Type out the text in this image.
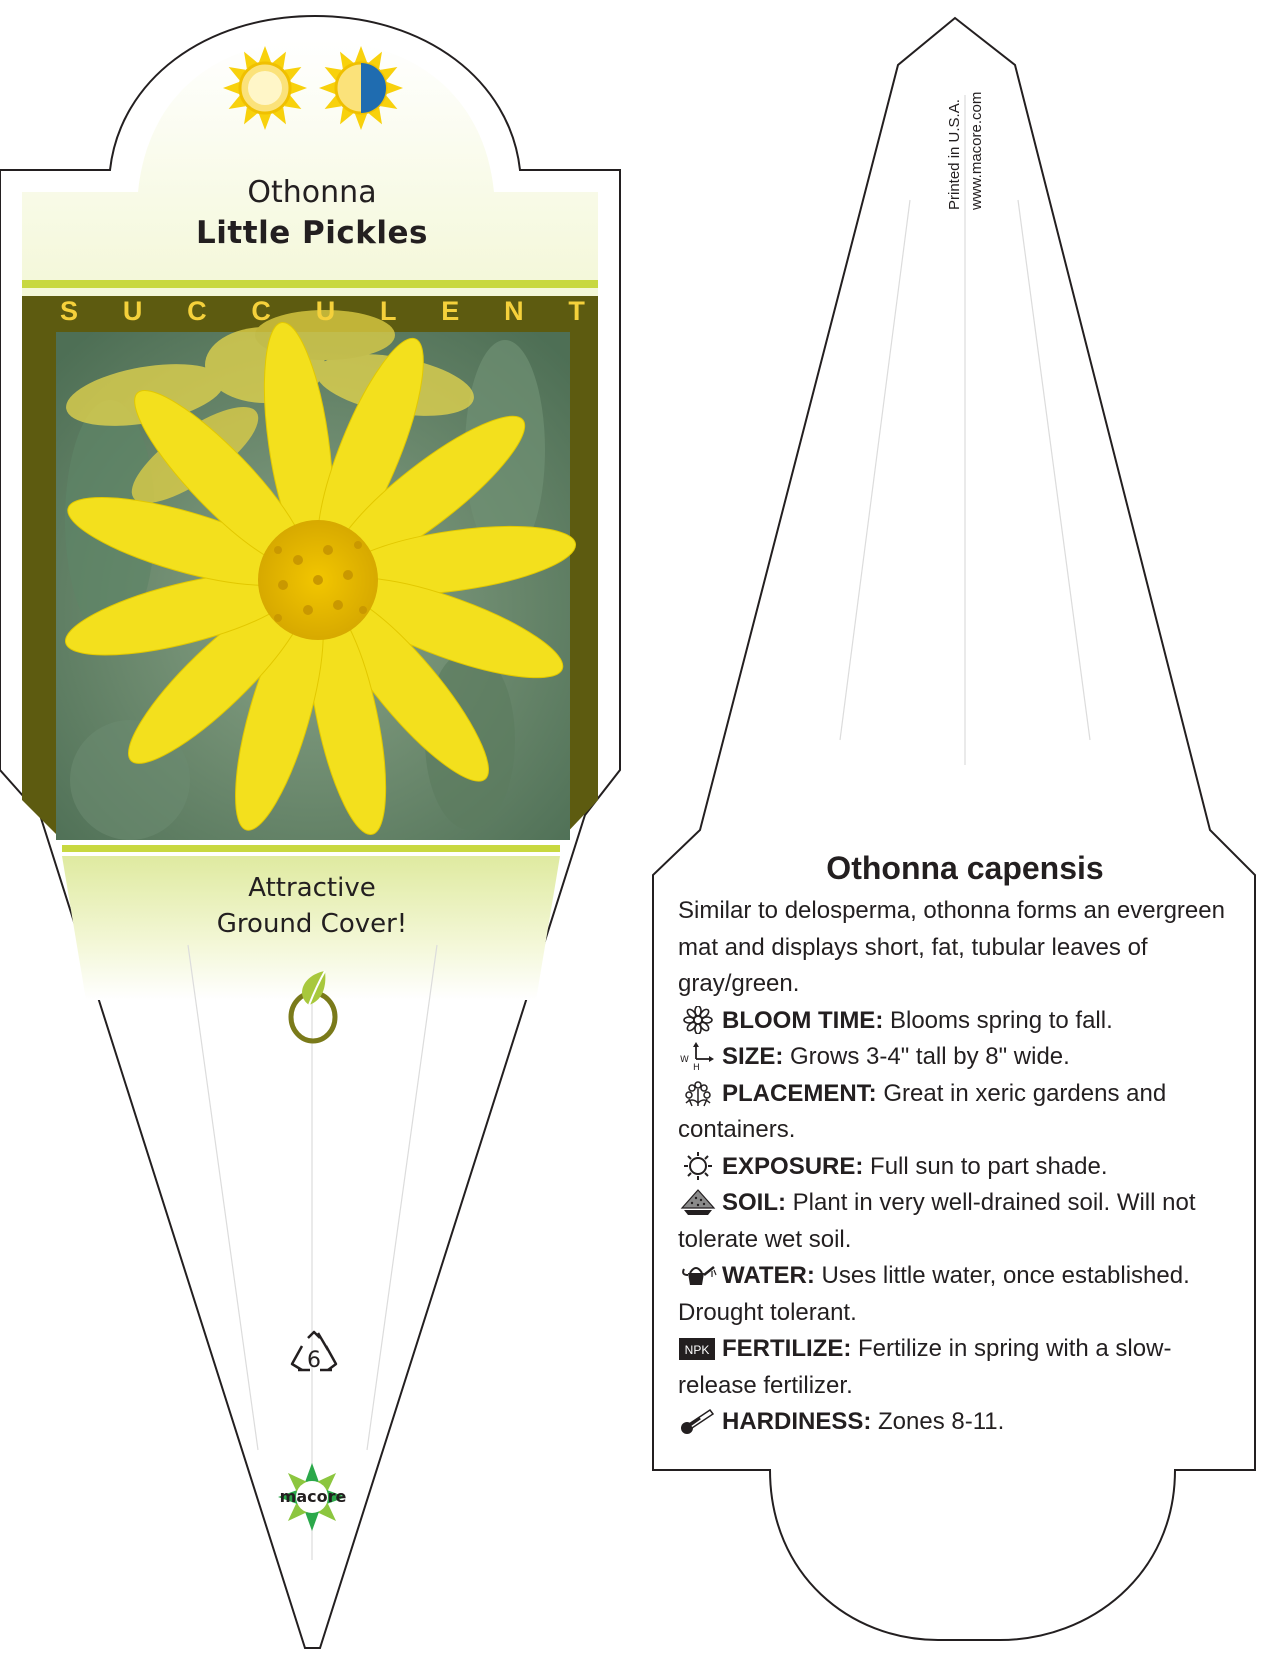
Othonna
Little Pickles
S U C C U L E N T
Attractive
Ground Cover!
6
macore
Printed in U.S.A. www.macore.com
Othonna capensis

Similar to delosperma, othonna forms an evergreen mat and displays short, fat, tubular leaves of gray/green.

BLOOM TIME: Blooms spring to fall.

W
H SIZE: Grows 3-4" tall by 8" wide.

PLACEMENT: Great in xeric gardens and containers.

EXPOSURE: Full sun to part shade.

SOIL: Plant in very well-drained soil. Will not tolerate wet soil.

WATER: Uses little water, once established. Drought tolerant.

NPK FERTILIZE: Fertilize in spring with a slow-release fertilizer.

HARDINESS: Zones 8-11.
